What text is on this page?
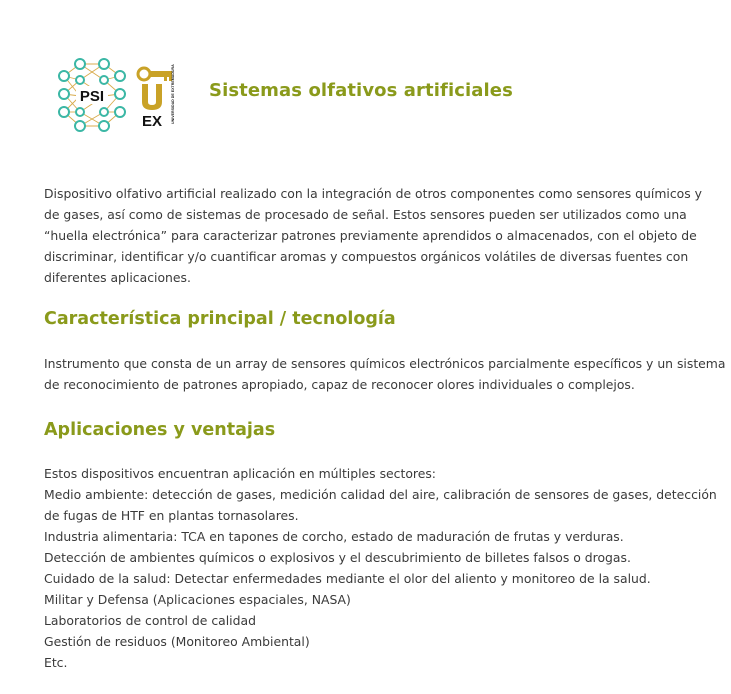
PSI
EX UNIVERSIDAD DE EXTREMADURA Sistemas olfativos artificiales

Dispositivo olfativo artificial realizado con la integración de otros componentes como sensores químicos y de gases, así como de sistemas de procesado de señal. Estos sensores pueden ser utilizados como una “huella electrónica” para caracterizar patrones previamente aprendidos o almacenados, con el objeto de discriminar, identificar y/o cuantificar aromas y compuestos orgánicos volátiles de diversas fuentes con diferentes aplicaciones.

Característica principal / tecnología

Instrumento que consta de un array de sensores químicos electrónicos parcialmente específicos y un sistema de reconocimiento de patrones apropiado, capaz de reconocer olores individuales o complejos.

Aplicaciones y ventajas
Estos dispositivos encuentran aplicación en múltiples sectores:
Medio ambiente: detección de gases, medición calidad del aire, calibración de sensores de gases, detección de fugas de HTF en plantas tornasolares.
Industria alimentaria: TCA en tapones de corcho, estado de maduración de frutas y verduras.
Detección de ambientes químicos o explosivos y el descubrimiento de billetes falsos o drogas.
Cuidado de la salud: Detectar enfermedades mediante el olor del aliento y monitoreo de la salud.
Militar y Defensa (Aplicaciones espaciales, NASA)
Laboratorios de control de calidad
Gestión de residuos (Monitoreo Ambiental)
Etc.
